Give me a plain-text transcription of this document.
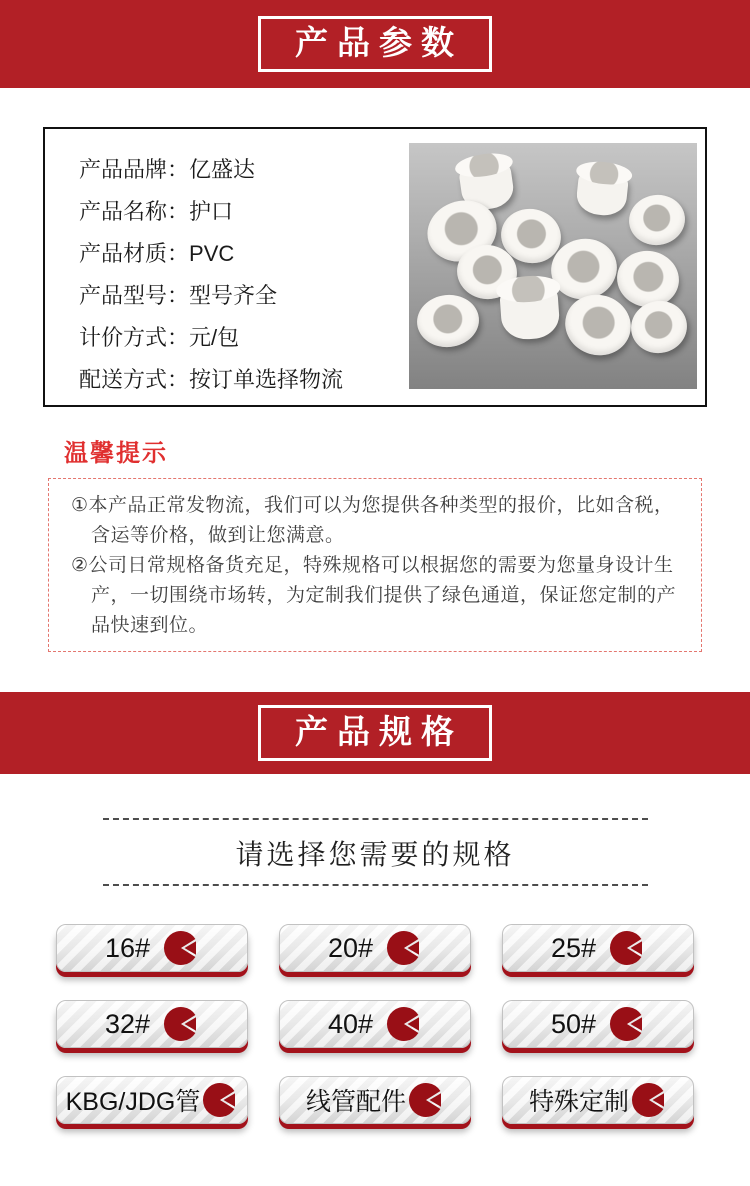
产品参数
产品品牌：亿盛达
产品名称：护口
产品材质：PVC
产品型号：型号齐全
计价方式：元/包
配送方式：按订单选择物流
温馨提示

①本产品正常发物流，我们可以为您提供各种类型的报价，比如含税，含运等价格，做到让您满意。

②公司日常规格备货充足，特殊规格可以根据您的需要为您量身设计生产，一切围绕市场转，为定制我们提供了绿色通道，保证您定制的产品快速到位。

产品规格
请选择您需要的规格
16#	20#	25#
32#	40#	50#
KBG/JDG管	线管配件	特殊定制
